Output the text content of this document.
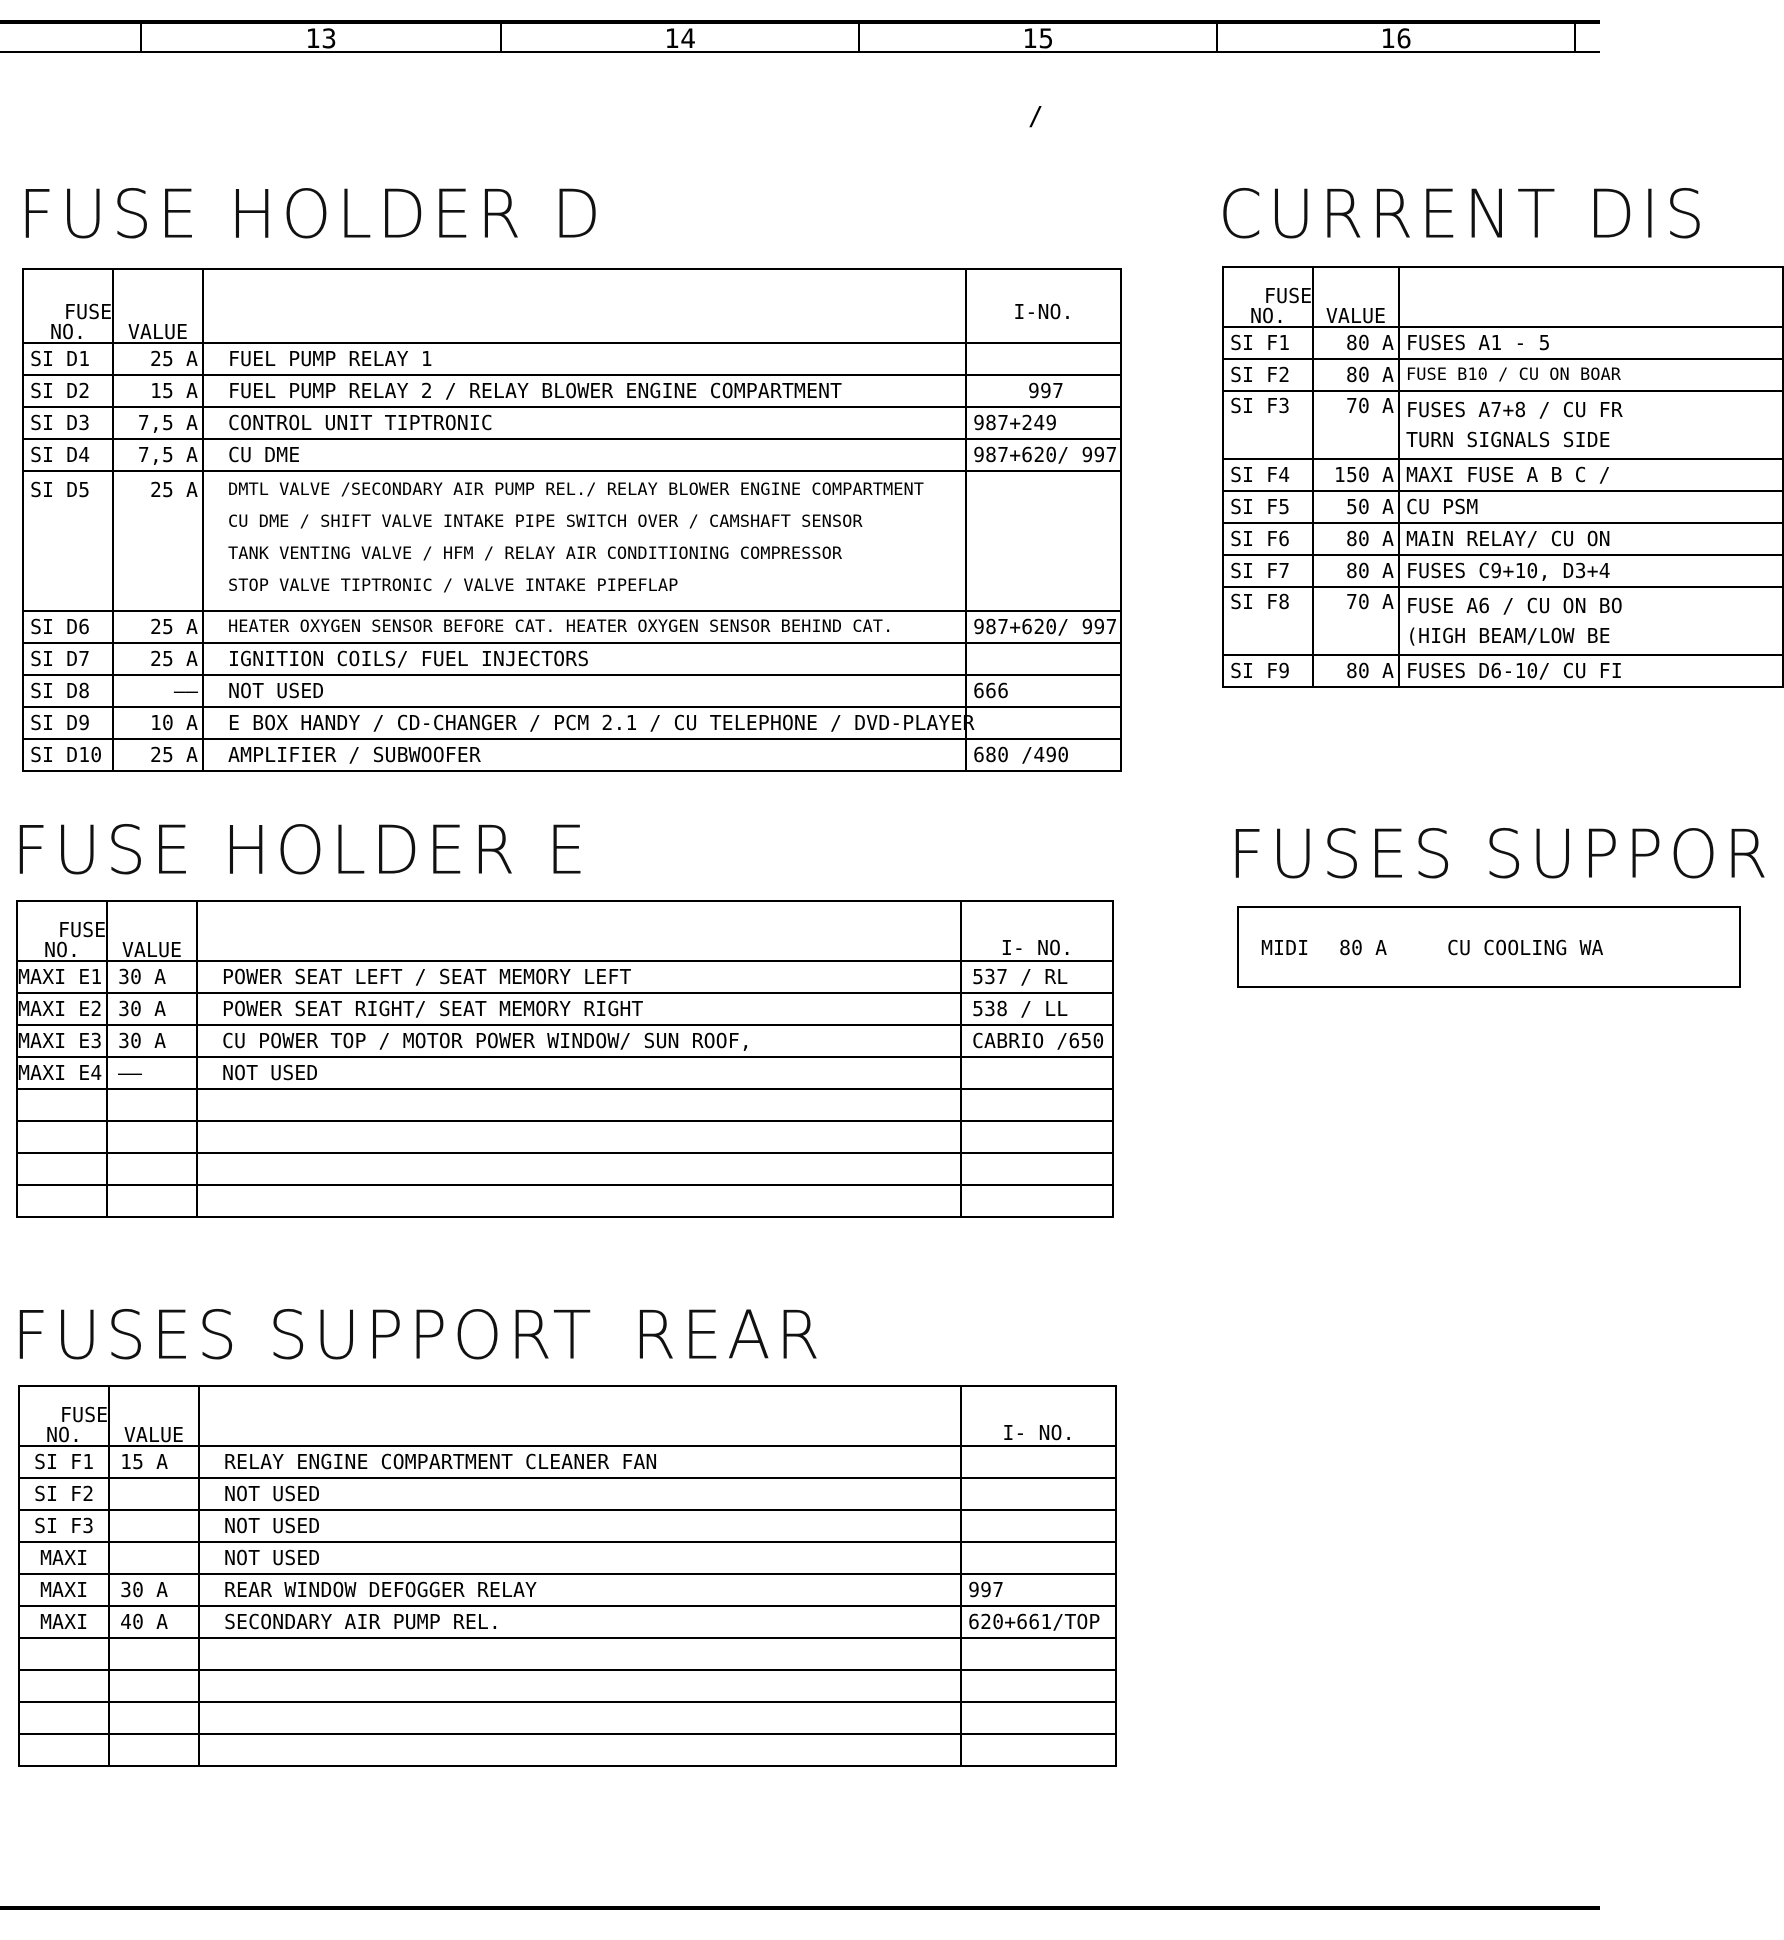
13	14	15	16
/
FUSE HOLDER D
FUSE
NO.	VALUE		I-NO.
SI D1	25 A	FUEL PUMP RELAY 1	
SI D2	15 A	FUEL PUMP RELAY 2 / RELAY BLOWER ENGINE COMPARTMENT	997
SI D3	7,5 A	CONTROL UNIT TIPTRONIC	987+249
SI D4	7,5 A	CU DME	987+620/ 997
SI D5	25 A	DMTL VALVE /SECONDARY AIR PUMP REL./ RELAY BLOWER ENGINE COMPARTMENT
CU DME / SHIFT VALVE INTAKE PIPE SWITCH OVER / CAMSHAFT SENSOR
TANK VENTING VALVE / HFM / RELAY AIR CONDITIONING COMPRESSOR
STOP VALVE TIPTRONIC / VALVE INTAKE PIPEFLAP	

SI D6	25 A	HEATER OXYGEN SENSOR BEFORE CAT. HEATER OXYGEN SENSOR BEHIND CAT.	987+620/ 997
SI D7	25 A	IGNITION COILS/ FUEL INJECTORS	
SI D8	——	NOT USED	666
SI D9	10 A	E BOX HANDY / CD-CHANGER / PCM 2.1 / CU TELEPHONE / DVD-PLAYER	
SI D10	25 A	AMPLIFIER / SUBWOOFER	680 /490
FUSE HOLDER E
FUSE
NO.	VALUE		I- NO.
MAXI E1	30 A	POWER SEAT LEFT / SEAT MEMORY LEFT	537 / RL
MAXI E2	30 A	POWER SEAT RIGHT/ SEAT MEMORY RIGHT	538 / LL
MAXI E3	30 A	CU POWER TOP / MOTOR POWER WINDOW/ SUN ROOF,	CABRIO /650
MAXI E4	——	NOT USED	

FUSES SUPPORT REAR
FUSE
NO.	VALUE		I- NO.
SI F1	15 A	RELAY ENGINE COMPARTMENT CLEANER FAN	
SI F2		NOT USED	
SI F3		NOT USED	
MAXI		NOT USED	
MAXI	30 A	REAR WINDOW DEFOGGER RELAY	997
MAXI	40 A	SECONDARY AIR PUMP REL.	620+661/TOP

CURRENT DIS
FUSE
NO.	VALUE	
SI F1	80 A	FUSES A1 - 5
SI F2	80 A	FUSE B10 / CU ON BOAR
SI F3	70 A	FUSES A7+8 / CU FR
TURN SIGNALS SIDE

SI F4	150 A	MAXI FUSE A B C /
SI F5	50 A	CU PSM
SI F6	80 A	MAIN RELAY/ CU ON
SI F7	80 A	FUSES C9+10, D3+4
SI F8	70 A	FUSE A6 / CU ON BO
(HIGH BEAM/LOW BE

SI F9	80 A	FUSES D6-10/ CU FI
FUSES SUPPOR
MIDI 80 A	CU COOLING WA
